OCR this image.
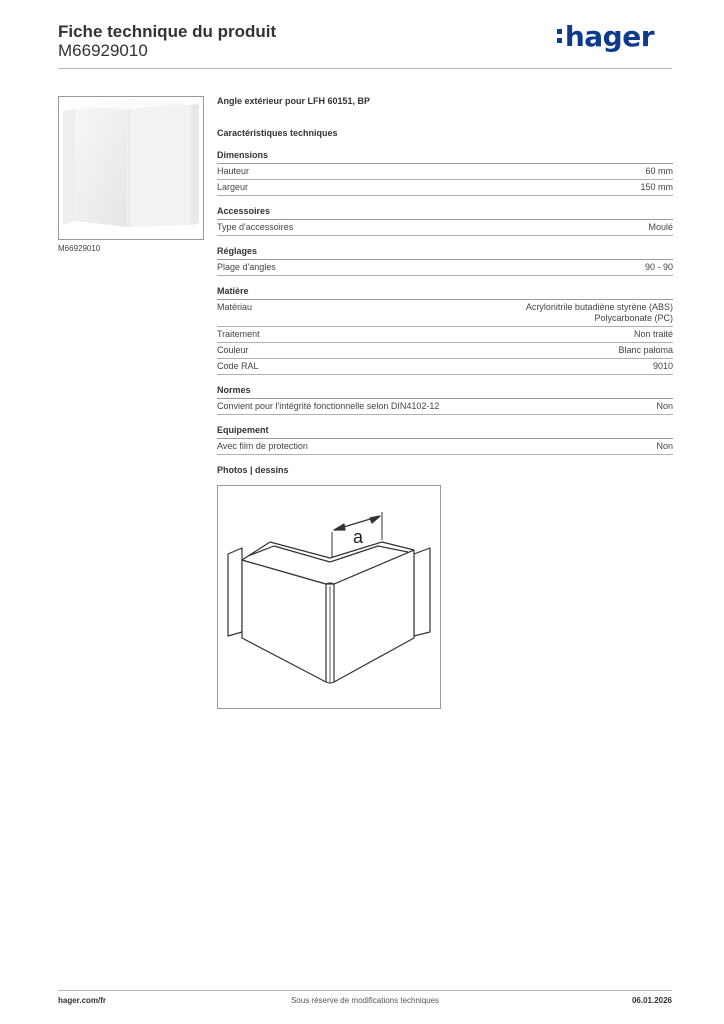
Fiche technique du produit
M66929010	hager
M66929010
Angle extérieur pour LFH 60151, BP
Caractéristiques techniques
Dimensions
Hauteur	60 mm
Largeur	150 mm
Accessoires
Type d'accessoires	Moulé
Réglages
Plage d'angles	90 - 90
Matière
Matériau	Acrylonitrile butadiène styrène (ABS)
Polycarbonate (PC)
Traitement	Non traité
Couleur	Blanc paloma
Code RAL	9010
Normes
Convient pour l'intégrité fonctionnelle selon DIN4102-12	Non
Equipement
Avec film de protection	Non
Photos | dessins
a
hager.com/fr	Sous réserve de modifications techniques	06.01.2026
